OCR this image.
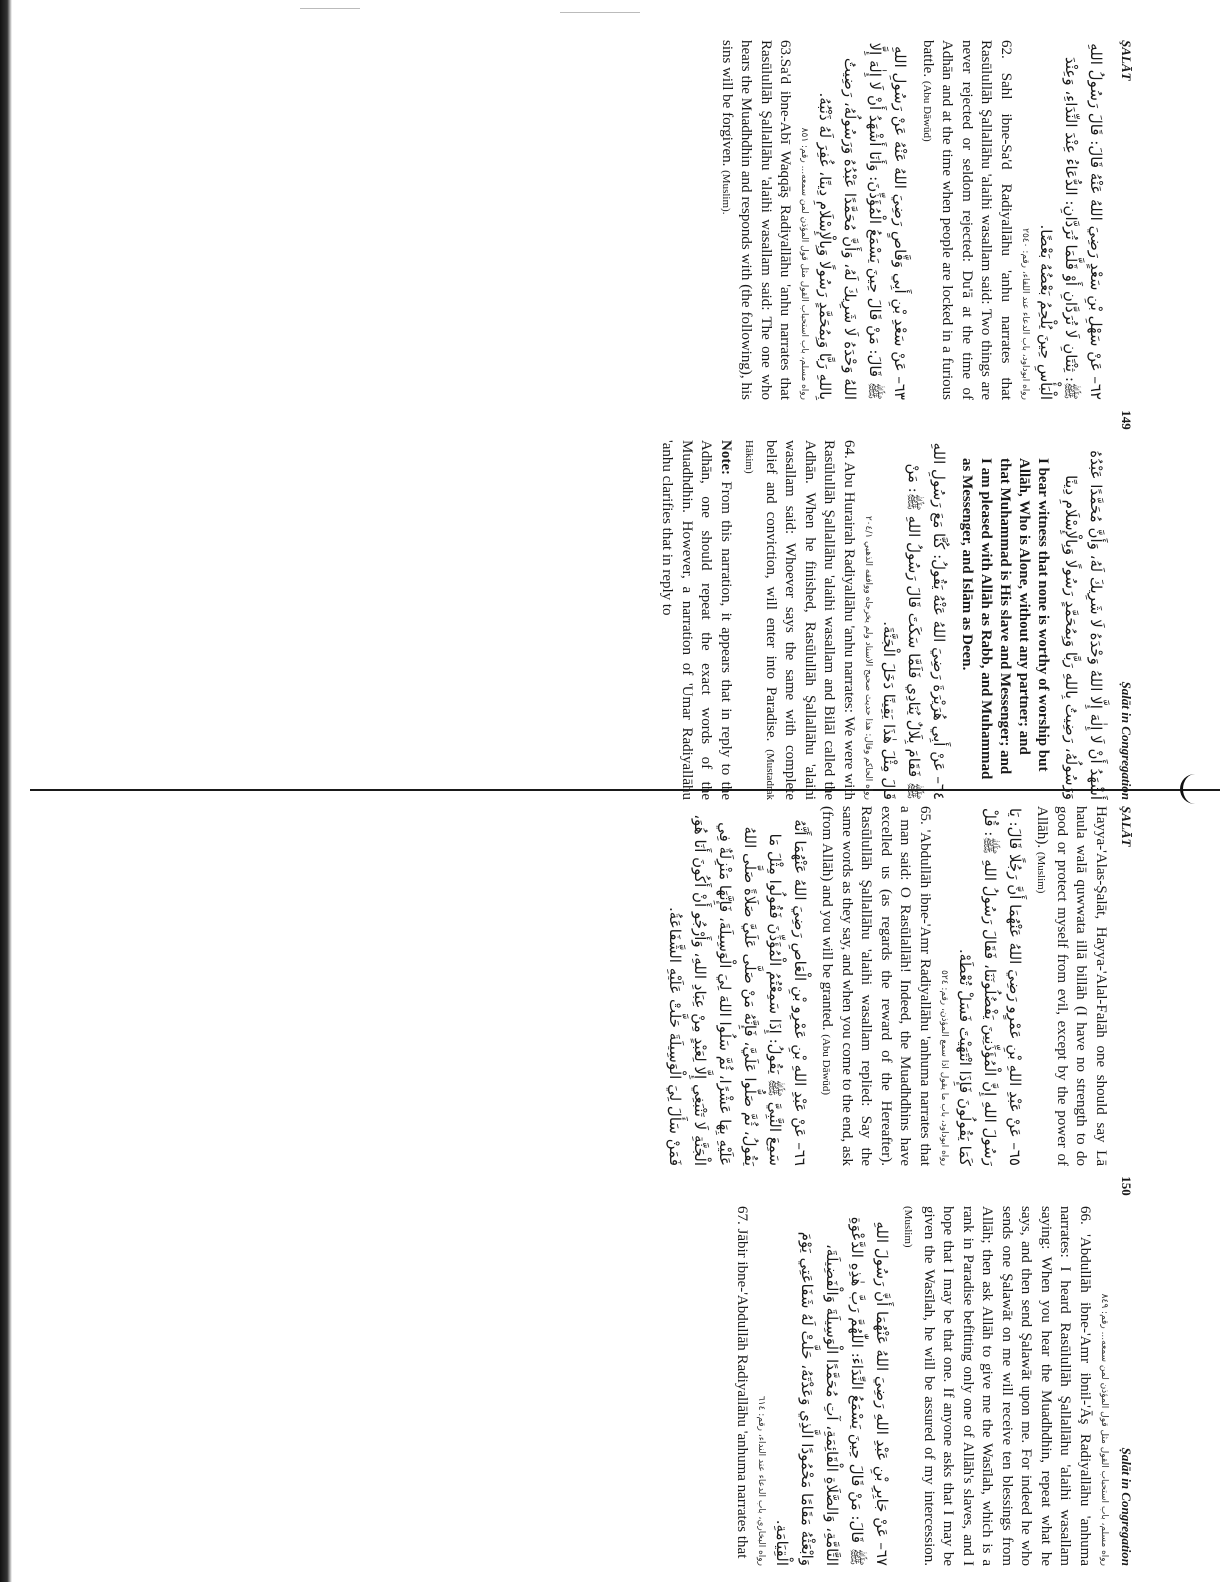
ŞALĀT
149
Ṣalāt in Congregation
٦٢– عَنْ سَهْلِ بْنِ سَعْدٍ رَضِيَ اللهُ عَنْهُ قَالَ: قَالَ رَسُولُ اللهِ ﷺ: ثِنْتَانِ لَا تُرَدَّانِ أَوْ قَلَّمَا تُرَدَّانِ: الدُّعَاءُ عِنْدَ النِّدَاءِ، وَعِنْدَ الْبَأْسِ حِينَ يُلْحِمُ بَعْضُهُ بَعْضًا.
رواه ابوداود، باب الدعاء عند اللقاء، رقم: ٢٥٤٠

62. Sahl ibne-Sa'd Radiyallāhu 'anhu narrates that Rasūlullāh Şallallāhu 'alaihi wasallam said: Two things are never rejected or seldom rejected: Du'ā at the time of Adhān and at the time when people are locked in a furious battle. (Abu Dāwūd)

٦٣– عَنْ سَعْدِ بْنِ أَبِي وَقَّاصٍ رَضِيَ اللهُ عَنْهُ عَنْ رَسُولِ اللهِ ﷺ قَالَ: مَنْ قَالَ حِينَ يَسْمَعُ الْمُؤَذِّنَ: وَأَنَا أَشْهَدُ أَنْ لَا إِلٰهَ إِلَّا اللهُ وَحْدَهُ لَا شَرِيكَ لَهُ، وَأَنَّ مُحَمَّدًا عَبْدُهُ وَرَسُولُهُ، رَضِيتُ بِاللهِ رَبًّا وَبِمُحَمَّدٍ رَسُولًا وَبِالْإِسْلَامِ دِينًا، غُفِرَ لَهُ ذَنْبُهُ.
رواه مسلم، باب استحباب القول مثل قول المؤذن لمن سمعه... رقم: ٨٥١

63.Sa'd ibne-Abī Waqqāş Radiyallāhu 'anhu narrates that Rasūlullāh Şallallāhu 'alaihi wasallam said: The one who hears the Muadhdhin and responds with (the following), his sins will be forgiven. (Muslim).

أَشْهَدُ أَنْ لَا إِلٰهَ إِلَّا اللهُ وَحْدَهُ لَا شَرِيكَ لَهُ، وَأَنَّ مُحَمَّدًا عَبْدُهُ وَرَسُولُهُ، رَضِيتُ بِاللهِ رَبًّا وَبِمُحَمَّدٍ رَسُولًا وَبِالْإِسْلَامِ دِينًا
I bear witness that none is worthy of worship but Allāh, Who is Alone, without any partner; and that Muhammad is His slave and Messenger; and I am pleased with Allāh as Rabb, and Muhammad as Messenger, and Islām as Deen.
٦٤– عَنْ أَبِي هُرَيْرَةَ رَضِيَ اللهُ عَنْهُ يَقُولُ: كُنَّا مَعَ رَسُولِ اللهِ ﷺ فَقَامَ بِلَالٌ يُنَادِي فَلَمَّا سَكَتَ قَالَ رَسُولُ اللهِ ﷺ: مَنْ قَالَ مِثْلَ هٰذَا يَقِينًا دَخَلَ الْجَنَّةَ.
رواه الحاكم وقال: هذا حديث صحيح الاسناد ولم يخرجاه ووافقه الذهبي ٢٠٤/١

64. Abu Hurairah Radiyallāhu 'anhu narrates: We were with Rasūlullāh Şallallāhu 'alaihi wasallam and Bilāl called the Adhān. When he finished, Rasūlullāh Şallallāhu 'alaihi wasallam said: Whoever says the same with complete belief and conviction, will enter into Paradise. (Mustadrak Hākim)

Note: From this narration, it appears that in reply to the Adhān, one should repeat the exact words of the Muadhdhin. However, a narration of 'Umar Radiyallāhu 'anhu clarifies that in reply to

ŞALĀT
150
Ṣalāt in Congregation

Hayya-'Alas-Şalāt, Hayya-'Alal-Falāh one should say Lā haula walā quwwata illā billāh (I have no strength to do good or protect myself from evil, except by the power of Allāh). (Muslim)

٦٥– عَنْ عَبْدِ اللهِ بْنِ عَمْرٍو رَضِيَ اللهُ عَنْهُمَا أَنَّ رَجُلًا قَالَ: يَا رَسُولَ اللهِ إِنَّ الْمُؤَذِّنِينَ يَفْضُلُونَنَا، فَقَالَ رَسُولُ اللهِ ﷺ: قُلْ كَمَا يَقُولُونَ فَإِذَا انْتَهَيْتَ فَسَلْ تُعْطَهْ.
رواه ابوداود، باب ما يقول اذا سمع المؤذن، رقم: ٥٢٤

65. 'Abdullāh ibne-'Amr Radiyallāhu 'anhuma narrates that a man said: O Rasūlallāh! Indeed, the Muadhdhins have excelled us (as regards the reward of the Hereafter). Rasūlullāh Şallallāhu 'alaihi wasallam replied: Say the same words as they say, and when you come to the end, ask (from Allāh) and you will be granted. (Abu Dāwūd)

٦٦– عَنْ عَبْدِ اللهِ بْنِ عَمْرِو بْنِ الْعَاصِ رَضِيَ اللهُ عَنْهُمَا أَنَّهُ سَمِعَ النَّبِيَّ ﷺ يَقُولُ: إِذَا سَمِعْتُمُ الْمُؤَذِّنَ فَقُولُوا مِثْلَ مَا يَقُولُ، ثُمَّ صَلُّوا عَلَيَّ، فَإِنَّهُ مَنْ صَلَّى عَلَيَّ صَلَاةً صَلَّى اللهُ عَلَيْهِ بِهَا عَشْرًا، ثُمَّ سَلُوا اللهَ لِيَ الْوَسِيلَةَ، فَإِنَّهَا مَنْزِلَةٌ فِي الْجَنَّةِ لَا تَنْبَغِي إِلَّا لِعَبْدٍ مِنْ عِبَادِ اللهِ، وَأَرْجُو أَنْ أَكُونَ أَنَا هُوَ، فَمَنْ سَأَلَ لِيَ الْوَسِيلَةَ حَلَّتْ عَلَيْهِ الشَّفَاعَةُ.
رواه مسلم، باب استحباب القول مثل قول المؤذن لمن سمعه... رقم: ٨٤٩

66. 'Abdullāh ibne-'Amr ibnil-'Āş Radiyallāhu 'anhuma narrates: I heard Rasūlullāh Şallallāhu 'alaihi wasallam saying: When you hear the Muadhdhin, repeat what he says, and then send Şalawāt upon me. For indeed he who sends one Şalawāt on me will receive ten blessings from Allāh; then ask Allāh to give me the Wasīlah, which is a rank in Paradise befitting only one of Allāh's slaves, and I hope that I may be that one. If anyone asks that I may be given the Wasīlah, he will be assured of my intercession. (Muslim)

٦٧– عَنْ جَابِرِ بْنِ عَبْدِ اللهِ رَضِيَ اللهُ عَنْهُمَا أَنَّ رَسُولَ اللهِ ﷺ قَالَ: مَنْ قَالَ حِينَ يَسْمَعُ النِّدَاءَ: اللّٰهُمَّ رَبَّ هٰذِهِ الدَّعْوَةِ التَّامَّةِ، وَالصَّلَاةِ الْقَائِمَةِ، آتِ مُحَمَّدًا الْوَسِيلَةَ وَالْفَضِيلَةَ، وَابْعَثْهُ مَقَامًا مَحْمُودًا الَّذِي وَعَدْتَهُ، حَلَّتْ لَهُ شَفَاعَتِي يَوْمَ الْقِيَامَةِ.
رواه البخاري، باب الدعاء عند النداء، رقم: ٦١٤

67. Jābir ibne-'Abdullāh Radiyallāhu 'anhuma narrates that
